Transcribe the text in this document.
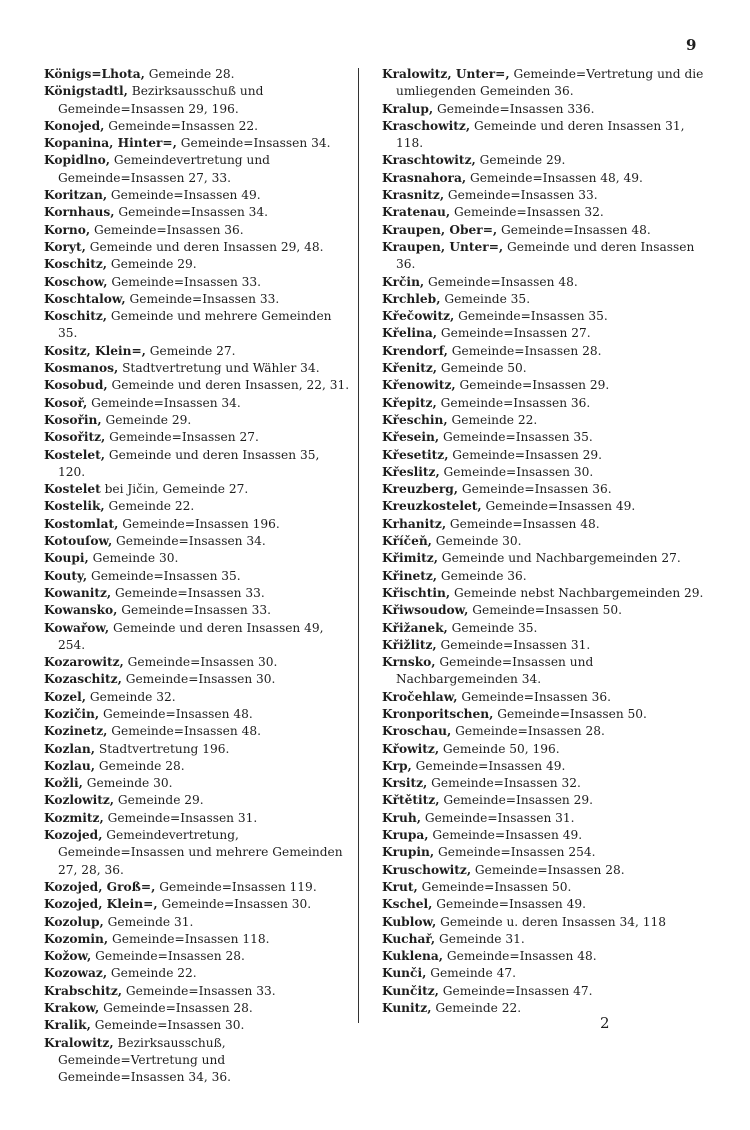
9
Königs=Lhota, Gemeinde 28.
Königstadtl, Bezirksausschuß und Gemeinde=Insassen 29, 196.
Konojed, Gemeinde=Insassen 22.
Kopanina, Hinter=, Gemeinde=Insassen 34.
Kopidlno, Gemeindevertretung und Gemeinde=Insassen 27, 33.
Koritzan, Gemeinde=Insassen 49.
Kornhaus, Gemeinde=Insassen 34.
Korno, Gemeinde=Insassen 36.
Koryt, Gemeinde und deren Insassen 29, 48.
Koschitz, Gemeinde 29.
Koschow, Gemeinde=Insassen 33.
Koschtalow, Gemeinde=Insassen 33.
Koschitz, Gemeinde und mehrere Gemeinden 35.
Kositz, Klein=, Gemeinde 27.
Kosmanos, Stadtvertretung und Wähler 34.
Kosobud, Gemeinde und deren Insassen, 22, 31.
Kosoř, Gemeinde=Insassen 34.
Kosořin, Gemeinde 29.
Kosořitz, Gemeinde=Insassen 27.
Kostelet, Gemeinde und deren Insassen 35, 120.
Kostelet bei Jičin, Gemeinde 27.
Kostelik, Gemeinde 22.
Kostomlat, Gemeinde=Insassen 196.
Kotouſow, Gemeinde=Insassen 34.
Koupi, Gemeinde 30.
Kouty, Gemeinde=Insassen 35.
Kowanitz, Gemeinde=Insassen 33.
Kowansko, Gemeinde=Insassen 33.
Kowařow, Gemeinde und deren Insassen 49, 254.
Kozarowitz, Gemeinde=Insassen 30.
Kozaschitz, Gemeinde=Insassen 30.
Kozel, Gemeinde 32.
Kozičin, Gemeinde=Insassen 48.
Kozinetz, Gemeinde=Insassen 48.
Kozlan, Stadtvertretung 196.
Kozlau, Gemeinde 28.
Kožli, Gemeinde 30.
Kozlowitz, Gemeinde 29.
Kozmitz, Gemeinde=Insassen 31.
Kozojed, Gemeindevertretung, Gemeinde=Insassen und mehrere Gemeinden 27, 28, 36.
Kozojed, Groß=, Gemeinde=Insassen 119.
Kozojed, Klein=, Gemeinde=Insassen 30.
Kozolup, Gemeinde 31.
Kozomin, Gemeinde=Insassen 118.
Kožow, Gemeinde=Insassen 28.
Kozowaz, Gemeinde 22.
Krabschitz, Gemeinde=Insassen 33.
Krakow, Gemeinde=Insassen 28.
Kralik, Gemeinde=Insassen 30.
Kralowitz, Bezirksausschuß, Gemeinde=Vertretung und Gemeinde=Insassen 34, 36.
Kralowitz, Unter=, Gemeinde=Vertretung und die umliegenden Gemeinden 36.
Kralup, Gemeinde=Insassen 336.
Kraschowitz, Gemeinde und deren Insassen 31, 118.
Kraschtowitz, Gemeinde 29.
Krasnahora, Gemeinde=Insassen 48, 49.
Krasnitz, Gemeinde=Insassen 33.
Kratenau, Gemeinde=Insassen 32.
Kraupen, Ober=, Gemeinde=Insassen 48.
Kraupen, Unter=, Gemeinde und deren Insassen 36.
Krčin, Gemeinde=Insassen 48.
Krchleb, Gemeinde 35.
Křečowitz, Gemeinde=Insassen 35.
Křelina, Gemeinde=Insassen 27.
Krendorf, Gemeinde=Insassen 28.
Křenitz, Gemeinde 50.
Křenowitz, Gemeinde=Insassen 29.
Křepitz, Gemeinde=Insassen 36.
Křeschin, Gemeinde 22.
Křesein, Gemeinde=Insassen 35.
Křesetitz, Gemeinde=Insassen 29.
Křeslitz, Gemeinde=Insassen 30.
Kreuzberg, Gemeinde=Insassen 36.
Kreuzkostelet, Gemeinde=Insassen 49.
Krhanitz, Gemeinde=Insassen 48.
Kříčeň, Gemeinde 30.
Křimitz, Gemeinde und Nachbargemeinden 27.
Křinetz, Gemeinde 36.
Křischtin, Gemeinde nebst Nachbargemeinden 29.
Křiwsoudow, Gemeinde=Insassen 50.
Křižanek, Gemeinde 35.
Křižlitz, Gemeinde=Insassen 31.
Krnsko, Gemeinde=Insassen und Nachbargemeinden 34.
Kročehlaw, Gemeinde=Insassen 36.
Kronporitschen, Gemeinde=Insassen 50.
Kroschau, Gemeinde=Insassen 28.
Křowitz, Gemeinde 50, 196.
Krp, Gemeinde=Insassen 49.
Krsitz, Gemeinde=Insassen 32.
Křtětitz, Gemeinde=Insassen 29.
Kruh, Gemeinde=Insassen 31.
Krupa, Gemeinde=Insassen 49.
Krupin, Gemeinde=Insassen 254.
Kruschowitz, Gemeinde=Insassen 28.
Krut, Gemeinde=Insassen 50.
Kschel, Gemeinde=Insassen 49.
Kublow, Gemeinde u. deren Insassen 34, 118
Kuchař, Gemeinde 31.
Kuklena, Gemeinde=Insassen 48.
Kunči, Gemeinde 47.
Kunčitz, Gemeinde=Insassen 47.
Kunitz, Gemeinde 22.
2
